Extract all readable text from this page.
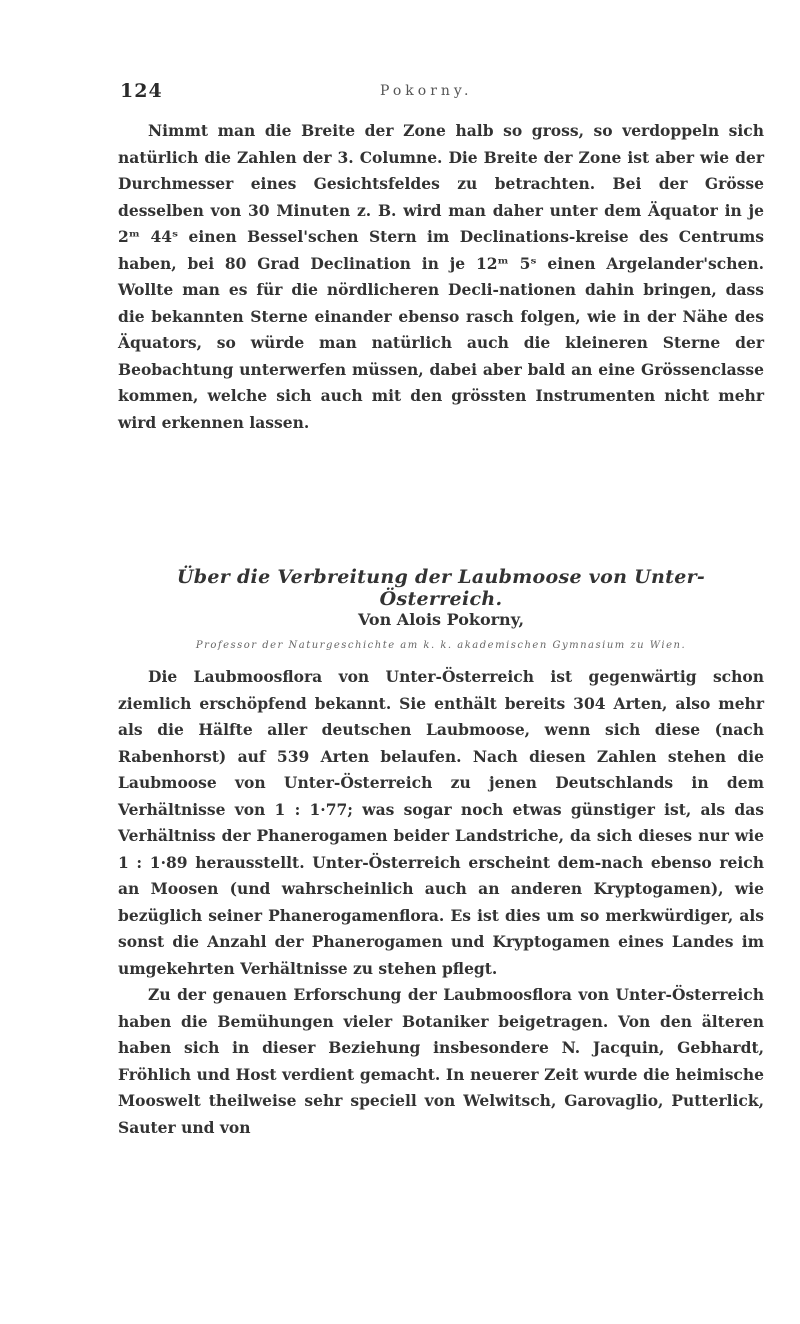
124	Pokorny.

Nimmt man die Breite der Zone halb so gross, so verdoppeln sich natürlich die Zahlen der 3. Columne. Die Breite der Zone ist aber wie der Durchmesser eines Gesichtsfeldes zu betrachten. Bei der Grösse desselben von 30 Minuten z. B. wird man daher unter dem Äquator in je 2ᵐ 44ˢ einen Bessel'schen Stern im Declinations-kreise des Centrums haben, bei 80 Grad Declination in je 12ᵐ 5ˢ einen Argelander'schen. Wollte man es für die nördlicheren Decli-nationen dahin bringen, dass die bekannten Sterne einander ebenso rasch folgen, wie in der Nähe des Äquators, so würde man natürlich auch die kleineren Sterne der Beobachtung unterwerfen müssen, dabei aber bald an eine Grössenclasse kommen, welche sich auch mit den grössten Instrumenten nicht mehr wird erkennen lassen.

Über die Verbreitung der Laubmoose von Unter-Österreich.
Von Alois Pokorny,
Professor der Naturgeschichte am k. k. akademischen Gymnasium zu Wien.

Die Laubmoosflora von Unter-Österreich ist gegenwärtig schon ziemlich erschöpfend bekannt. Sie enthält bereits 304 Arten, also mehr als die Hälfte aller deutschen Laubmoose, wenn sich diese (nach Rabenhorst) auf 539 Arten belaufen. Nach diesen Zahlen stehen die Laubmoose von Unter-Österreich zu jenen Deutschlands in dem Verhältnisse von 1 : 1·77; was sogar noch etwas günstiger ist, als das Verhältniss der Phanerogamen beider Landstriche, da sich dieses nur wie 1 : 1·89 herausstellt. Unter-Österreich erscheint dem-nach ebenso reich an Moosen (und wahrscheinlich auch an anderen Kryptogamen), wie bezüglich seiner Phanerogamenflora. Es ist dies um so merkwürdiger, als sonst die Anzahl der Phanerogamen und Kryptogamen eines Landes im umgekehrten Verhältnisse zu stehen pflegt.

Zu der genauen Erforschung der Laubmoosflora von Unter-Österreich haben die Bemühungen vieler Botaniker beigetragen. Von den älteren haben sich in dieser Beziehung insbesondere N. Jacquin, Gebhardt, Fröhlich und Host verdient gemacht. In neuerer Zeit wurde die heimische Mooswelt theilweise sehr speciell von Welwitsch, Garovaglio, Putterlick, Sauter und von
